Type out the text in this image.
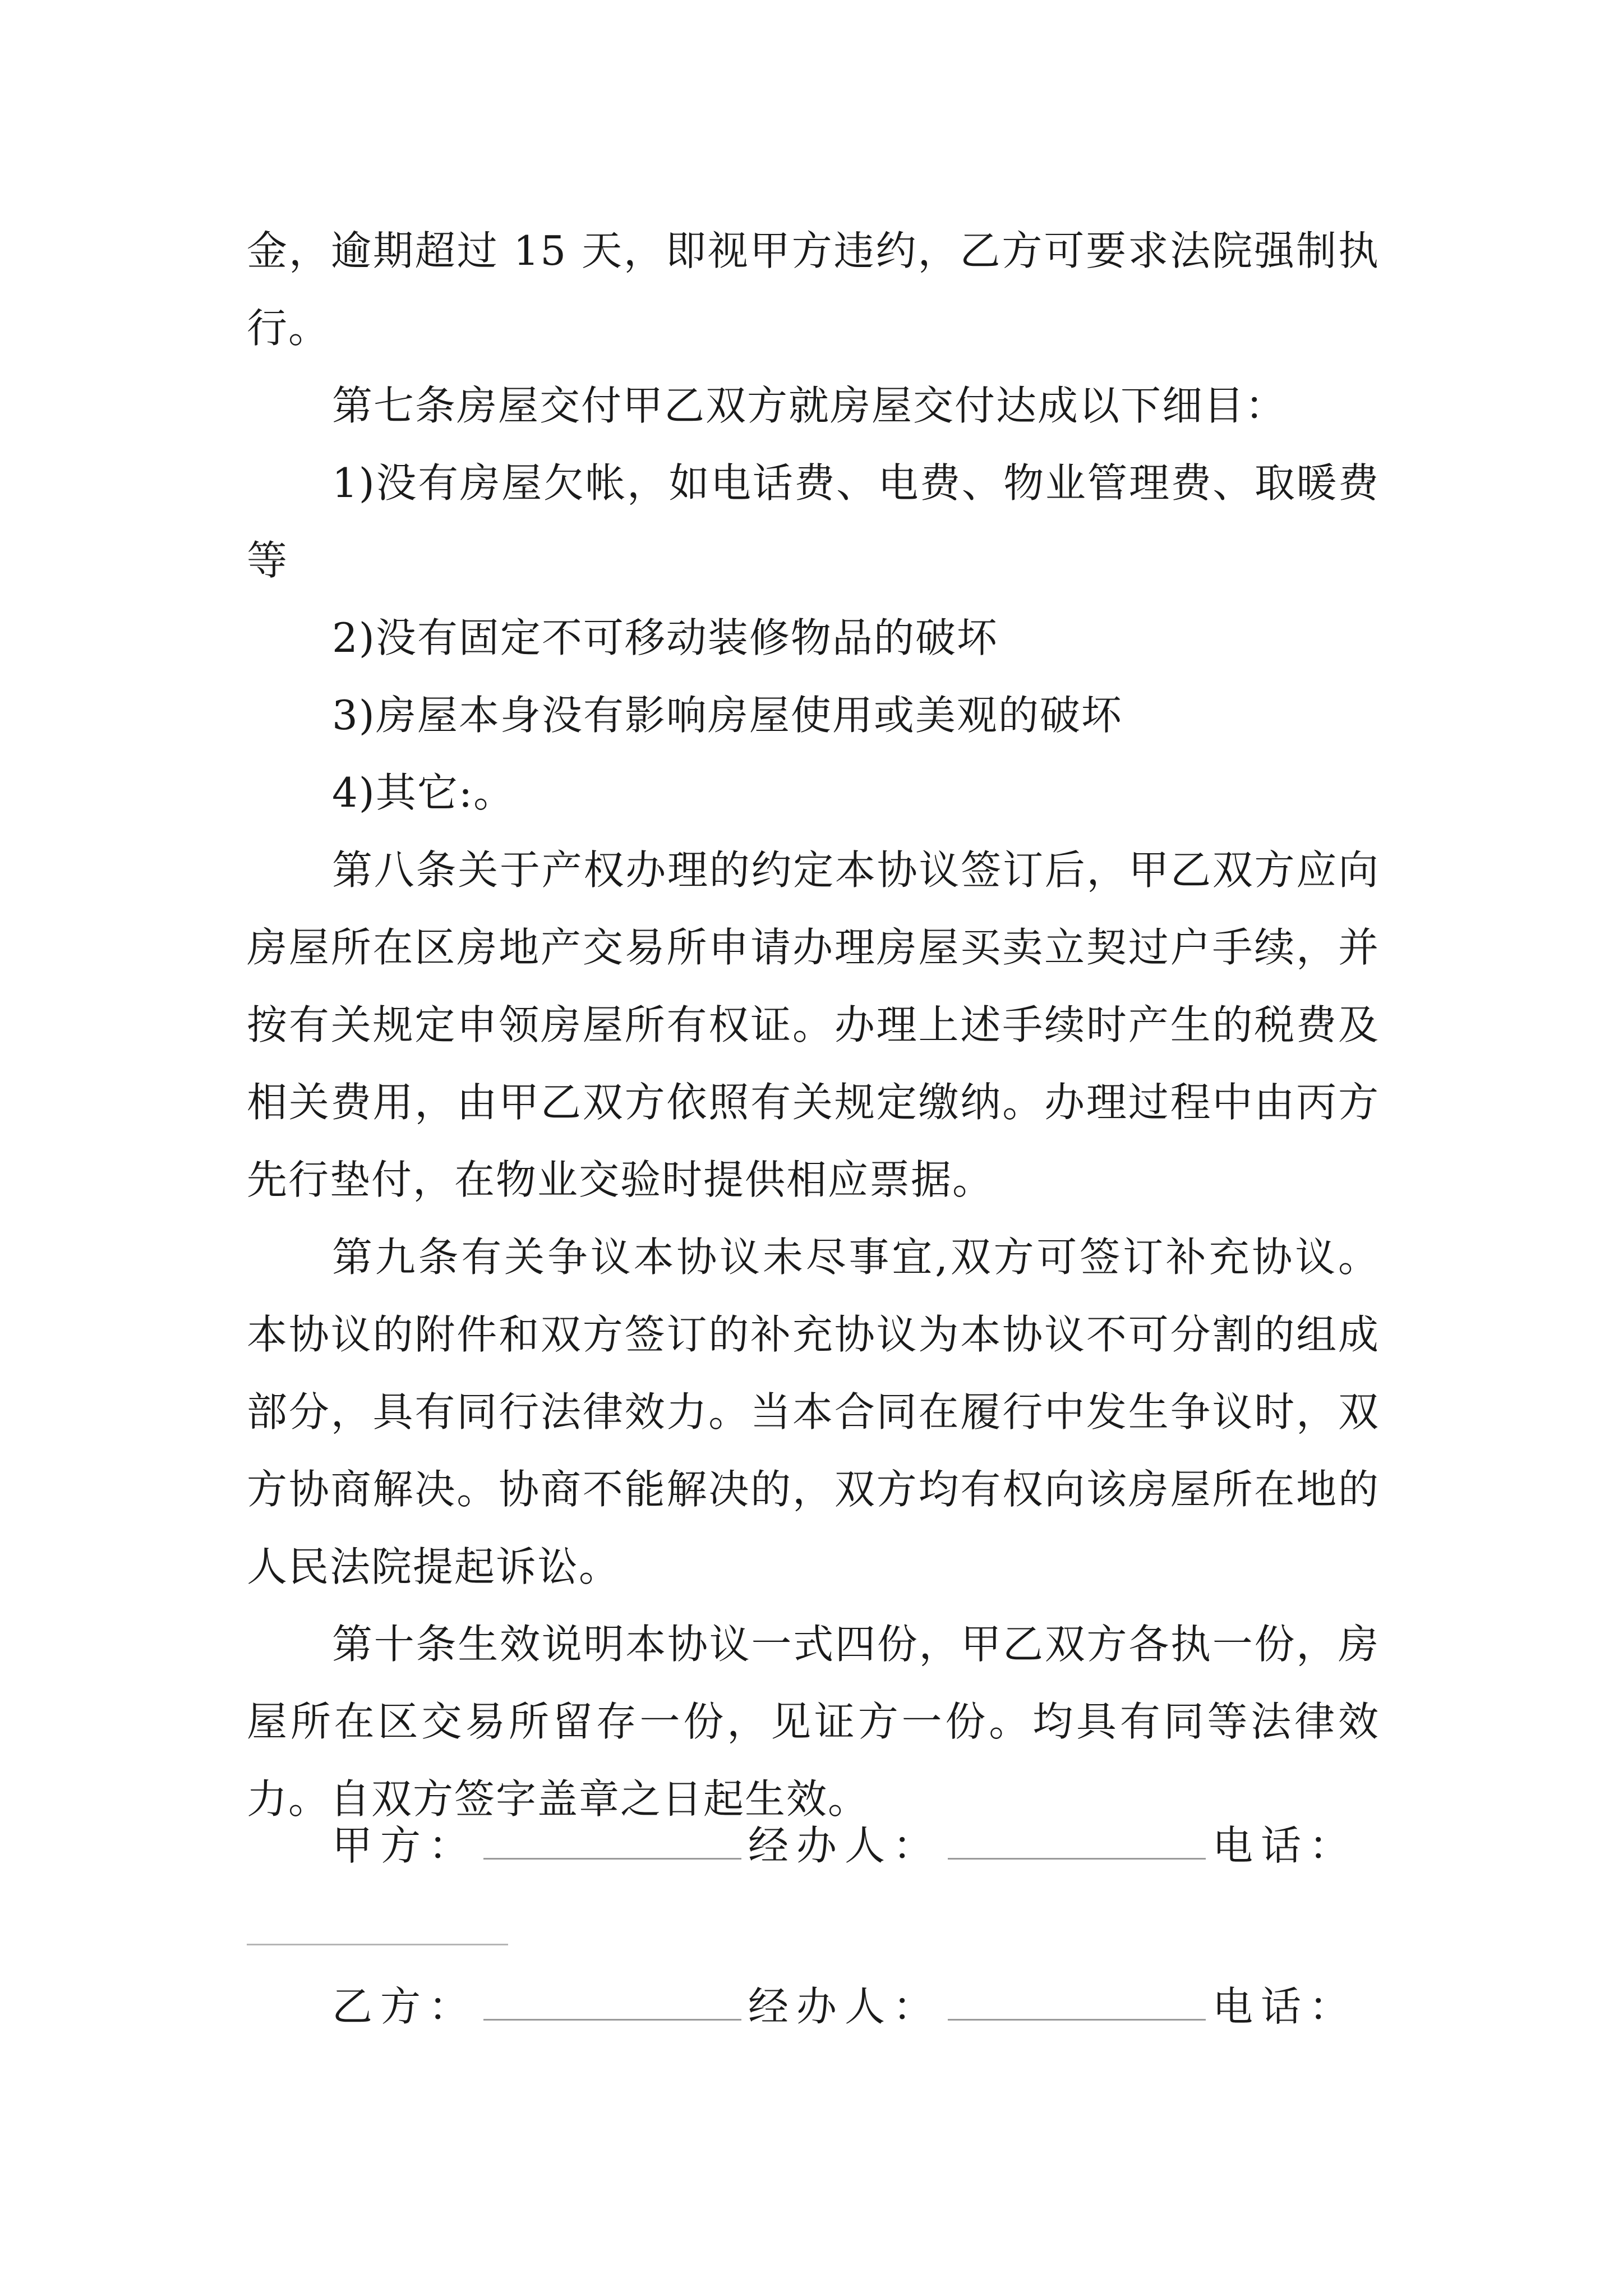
金，逾期超过 15 天，即视甲方违约，乙方可要求法院强制执行。

第七条房屋交付甲乙双方就房屋交付达成以下细目：

1)没有房屋欠帐，如电话费、电费、物业管理费、取暖费等

2)没有固定不可移动装修物品的破坏

3)房屋本身没有影响房屋使用或美观的破坏

4)其它:。

第八条关于产权办理的约定本协议签订后，甲乙双方应向房屋所在区房地产交易所申请办理房屋买卖立契过户手续，并按有关规定申领房屋所有权证。办理上述手续时产生的税费及相关费用，由甲乙双方依照有关规定缴纳。办理过程中由丙方先行垫付，在物业交验时提供相应票据。

第九条有关争议本协议未尽事宜,双方可签订补充协议。本协议的附件和双方签订的补充协议为本协议不可分割的组成部分，具有同行法律效力。当本合同在履行中发生争议时，双方协商解决。协商不能解决的，双方均有权向该房屋所在地的人民法院提起诉讼。

第十条生效说明本协议一式四份，甲乙双方各执一份，房屋所在区交易所留存一份，见证方一份。均具有同等法律效力。自双方签字盖章之日起生效。

甲方：	经办人：	电话：
乙方：	经办人：	电话：
